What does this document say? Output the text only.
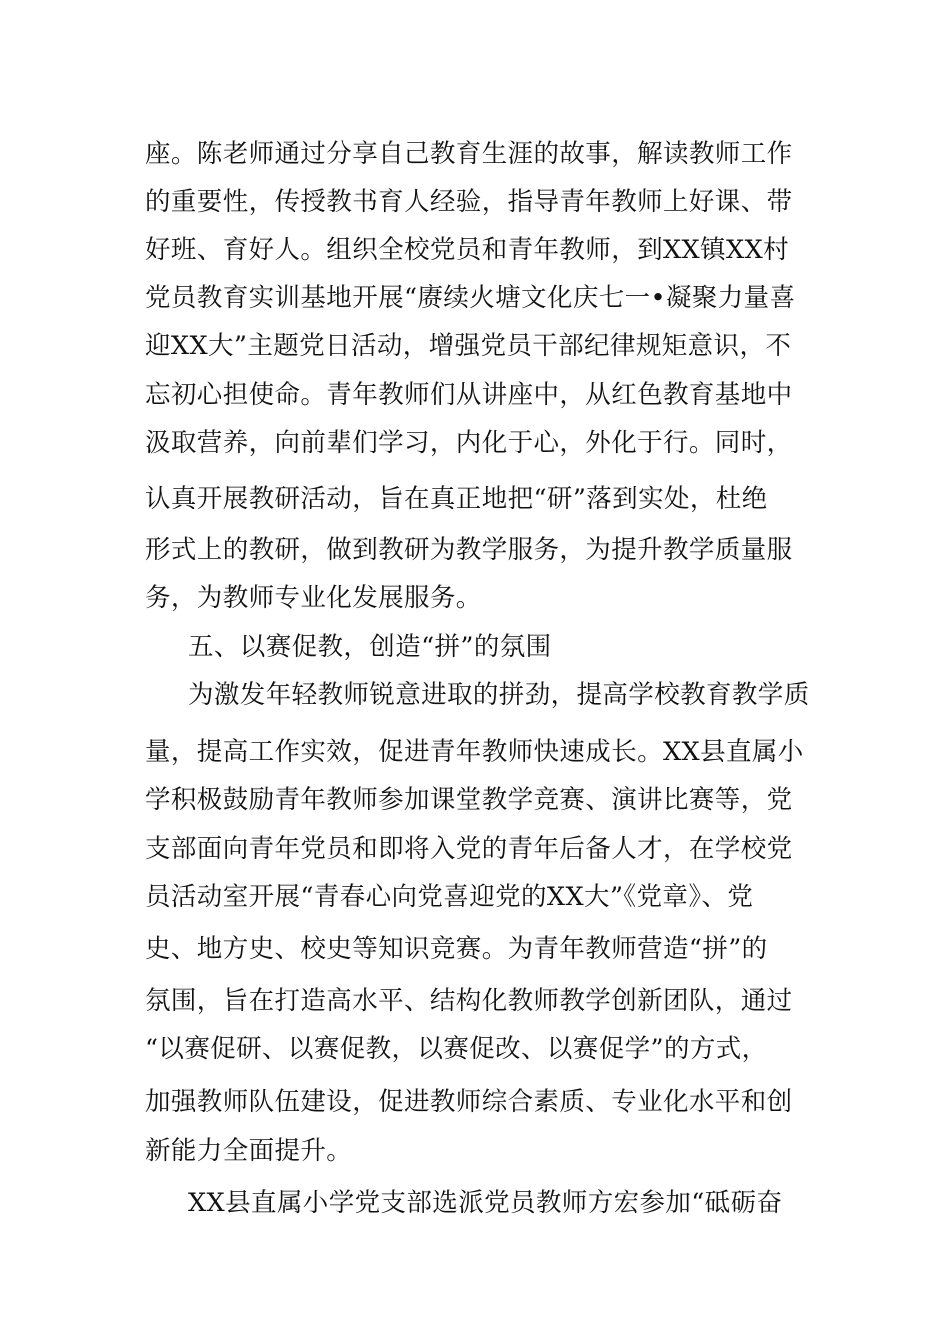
座。陈老师通过分享自己教育生涯的故事，解读教师工作
的重要性，传授教书育人经验，指导青年教师上好课、带
好班、育好人。组织全校党员和青年教师，到XX镇XX村
党员教育实训基地开展“赓续火塘文化庆七一•凝聚力量喜
迎XX大”主题党日活动，增强党员干部纪律规矩意识，不
忘初心担使命。青年教师们从讲座中，从红色教育基地中
汲取营养，向前辈们学习，内化于心，外化于行。同时，
认真开展教研活动，旨在真正地把“研”落到实处，杜绝
形式上的教研，做到教研为教学服务，为提升教学质量服
务，为教师专业化发展服务。
五、以赛促教，创造“拼”的氛围
为激发年轻教师锐意进取的拼劲，提高学校教育教学质
量，提高工作实效，促进青年教师快速成长。XX县直属小
学积极鼓励青年教师参加课堂教学竞赛、演讲比赛等，党
支部面向青年党员和即将入党的青年后备人才，在学校党
员活动室开展“青春心向党喜迎党的XX大”《党章》、党
史、地方史、校史等知识竞赛。为青年教师营造“拼”的
氛围，旨在打造高水平、结构化教师教学创新团队，通过
“以赛促研、以赛促教，以赛促改、以赛促学”的方式，
加强教师队伍建设，促进教师综合素质、专业化水平和创
新能力全面提升。
XX县直属小学党支部选派党员教师方宏参加“砥砺奋
